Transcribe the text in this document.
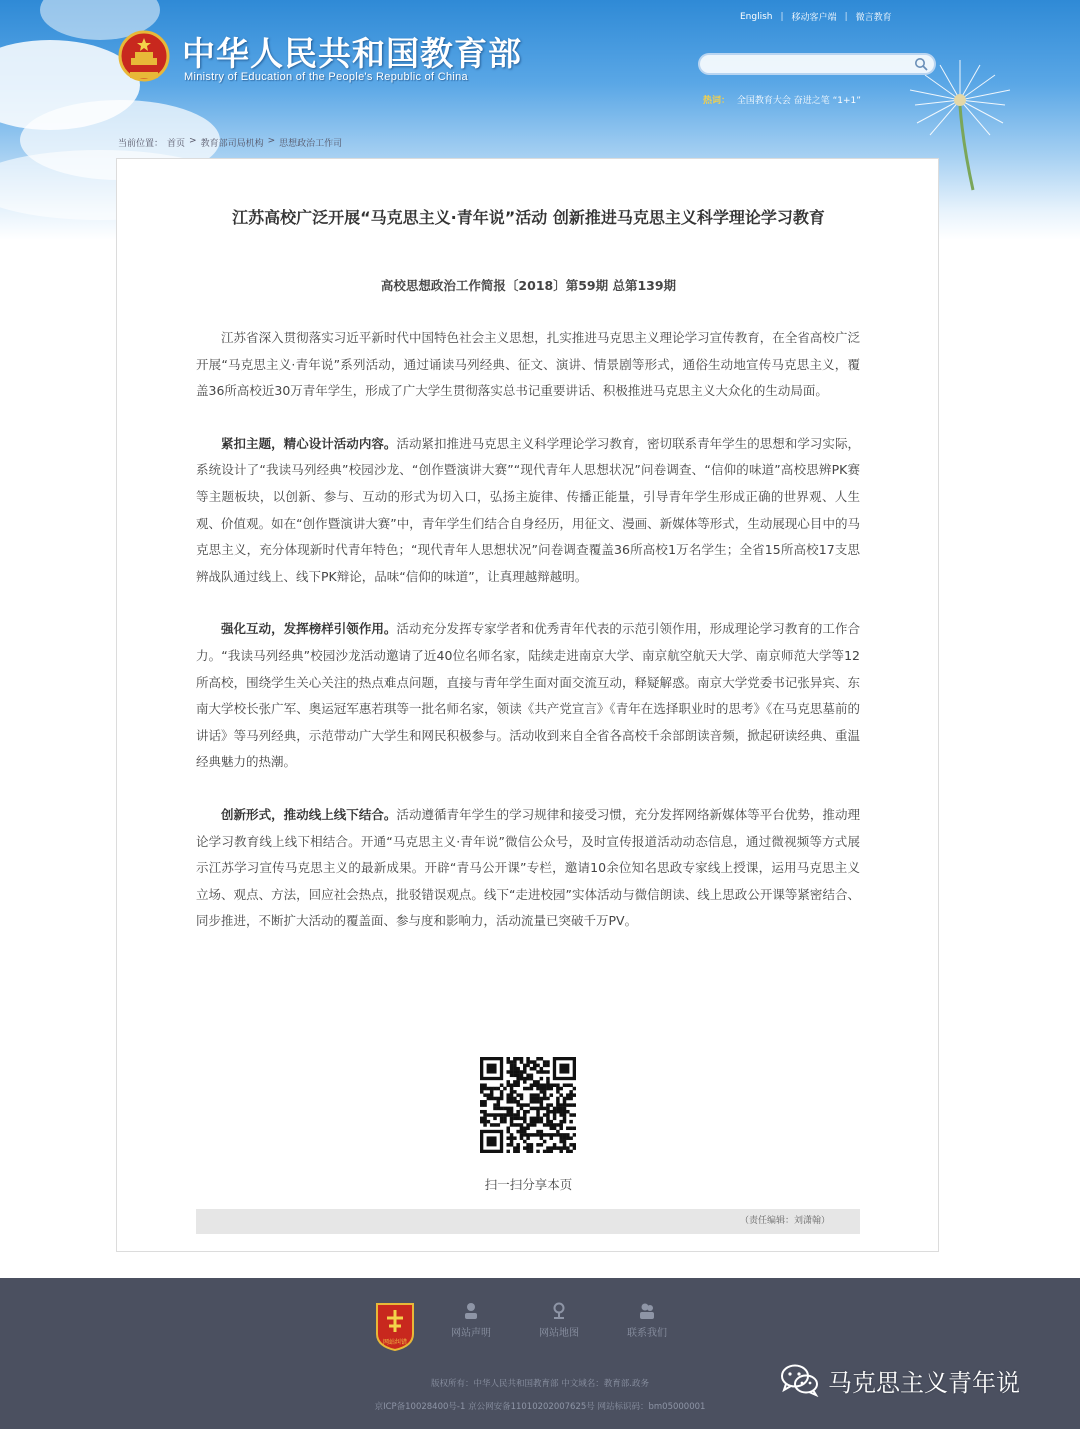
中华人民共和国教育部
Ministry of Education of the People's Republic of China
English | 移动客户端 | 微言教育
热词： 全国教育大会 奋进之笔 “1+1”
当前位置： 首页 > 教育部司局机构 > 思想政治工作司
江苏高校广泛开展“马克思主义·青年说”活动 创新推进马克思主义科学理论学习教育
高校思想政治工作简报〔2018〕第59期 总第139期

江苏省深入贯彻落实习近平新时代中国特色社会主义思想，扎实推进马克思主义理论学习宣传教育，在全省高校广泛开展“马克思主义·青年说”系列活动，通过诵读马列经典、征文、演讲、情景剧等形式，通俗生动地宣传马克思主义，覆盖36所高校近30万青年学生，形成了广大学生贯彻落实总书记重要讲话、积极推进马克思主义大众化的生动局面。

紧扣主题，精心设计活动内容。活动紧扣推进马克思主义科学理论学习教育，密切联系青年学生的思想和学习实际，系统设计了“我读马列经典”校园沙龙、“创作暨演讲大赛”“现代青年人思想状况”问卷调查、“信仰的味道”高校思辨PK赛等主题板块，以创新、参与、互动的形式为切入口，弘扬主旋律、传播正能量，引导青年学生形成正确的世界观、人生观、价值观。如在“创作暨演讲大赛”中，青年学生们结合自身经历，用征文、漫画、新媒体等形式，生动展现心目中的马克思主义，充分体现新时代青年特色；“现代青年人思想状况”问卷调查覆盖36所高校1万名学生；全省15所高校17支思辨战队通过线上、线下PK辩论，品味“信仰的味道”，让真理越辩越明。

强化互动，发挥榜样引领作用。活动充分发挥专家学者和优秀青年代表的示范引领作用，形成理论学习教育的工作合力。“我读马列经典”校园沙龙活动邀请了近40位名师名家，陆续走进南京大学、南京航空航天大学、南京师范大学等12所高校，围绕学生关心关注的热点难点问题，直接与青年学生面对面交流互动，释疑解惑。南京大学党委书记张异宾、东南大学校长张广军、奥运冠军惠若琪等一批名师名家，领读《共产党宣言》《青年在选择职业时的思考》《在马克思墓前的讲话》等马列经典，示范带动广大学生和网民积极参与。活动收到来自全省各高校千余部朗读音频，掀起研读经典、重温经典魅力的热潮。

创新形式，推动线上线下结合。活动遵循青年学生的学习规律和接受习惯，充分发挥网络新媒体等平台优势，推动理论学习教育线上线下相结合。开通“马克思主义·青年说”微信公众号，及时宣传报道活动动态信息，通过微视频等方式展示江苏学习宣传马克思主义的最新成果。开辟“青马公开课”专栏，邀请10余位知名思政专家线上授课，运用马克思主义立场、观点、方法，回应社会热点，批驳错误观点。线下“走进校园”实体活动与微信朗读、线上思政公开课等紧密结合、同步推进，不断扩大活动的覆盖面、参与度和影响力，活动流量已突破千万PV。

扫一扫分享本页
（责任编辑：刘潇翰）
网站纠错
网站声明	网站地图	联系我们
版权所有：中华人民共和国教育部 中文域名：教育部.政务
京ICP备10028400号-1 京公网安备11010202007625号 网站标识码：bm05000001
马克思主义青年说
